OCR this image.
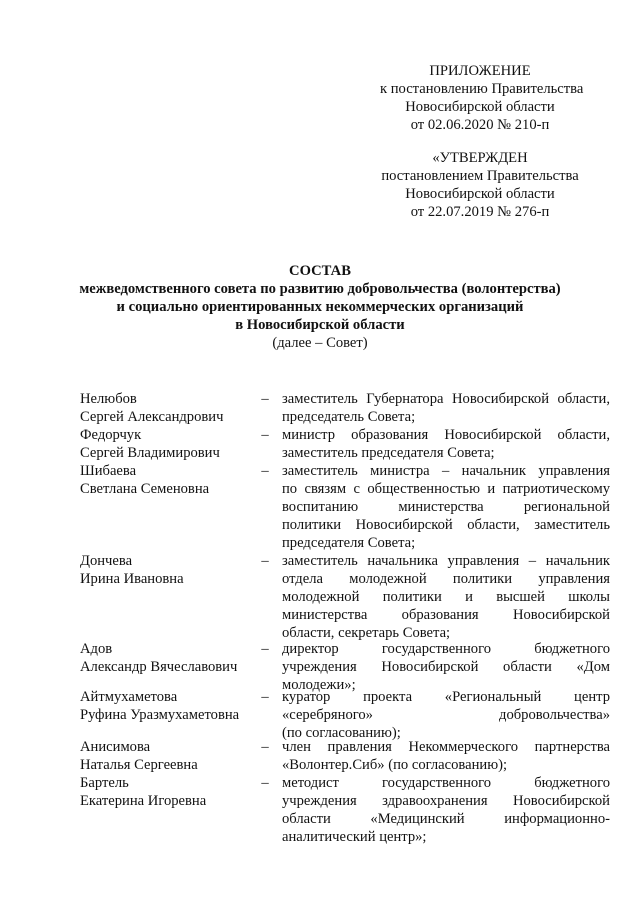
ПРИЛОЖЕНИЕ
к постановлению Правительства
Новосибирской области
от 02.06.2020 № 210-п
«УТВЕРЖДЕН
постановлением Правительства
Новосибирской области
от 22.07.2019 № 276-п
СОСТАВ
межведомственного совета по развитию добровольчества (волонтерства)
и социально ориентированных некоммерческих организаций
в Новосибирской области
(далее – Совет)
Нелюбов
Сергей Александрович
– заместитель Губернатора Новосибирской области,
председатель Совета;
Федорчук
Сергей Владимирович
– министр образования Новосибирской области,
заместитель председателя Совета;
Шибаева
Светлана Семеновна
– заместитель министра – начальник управления
по связям с общественностью и патриотическому
воспитанию министерства региональной
политики Новосибирской области, заместитель
председателя Совета;
Дончева
Ирина Ивановна
– заместитель начальника управления – начальник
отдела молодежной политики управления
молодежной политики и высшей школы
министерства образования Новосибирской
области, секретарь Совета;
Адов
Александр Вячеславович
– директор государственного бюджетного
учреждения Новосибирской области «Дом
молодежи»;
Айтмухаметова
Руфина Уразмухаметовна
– куратор проекта «Региональный центр
«серебряного» добровольчества»
(по согласованию);
Анисимова
Наталья Сергеевна
– член правления Некоммерческого партнерства
«Волонтер.Сиб» (по согласованию);
Бартель
Екатерина Игоревна
– методист государственного бюджетного
учреждения здравоохранения Новосибирской
области «Медицинский информационно-
аналитический центр»;
